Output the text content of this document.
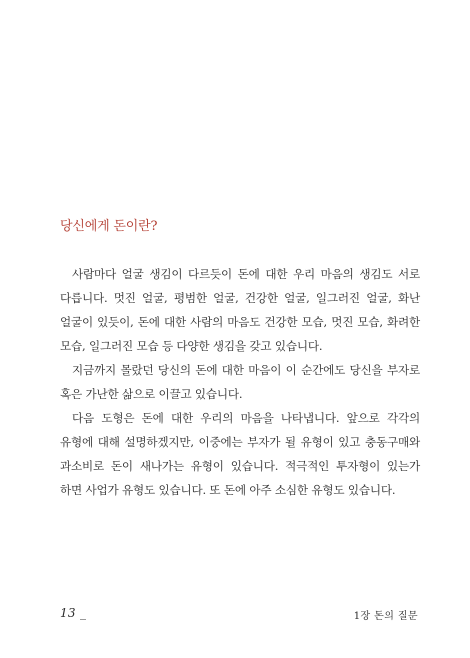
당신에게 돈이란?

사람마다 얼굴 생김이 다르듯이 돈에 대한 우리 마음의 생김도 서로 다릅니다. 멋진 얼굴, 평범한 얼굴, 건강한 얼굴, 일그러진 얼굴, 화난 얼굴이 있듯이, 돈에 대한 사람의 마음도 건강한 모습, 멋진 모습, 화려한 모습, 일그러진 모습 등 다양한 생김을 갖고 있습니다.

지금까지 몰랐던 당신의 돈에 대한 마음이 이 순간에도 당신을 부자로 혹은 가난한 삶으로 이끌고 있습니다.

다음 도형은 돈에 대한 우리의 마음을 나타냅니다. 앞으로 각각의 유형에 대해 설명하겠지만, 이중에는 부자가 될 유형이 있고 충동구매와 과소비로 돈이 새나가는 유형이 있습니다. 적극적인 투자형이 있는가 하면 사업가 유형도 있습니다. 또 돈에 아주 소심한 유형도 있습니다.

13 _	1장 돈의 질문
